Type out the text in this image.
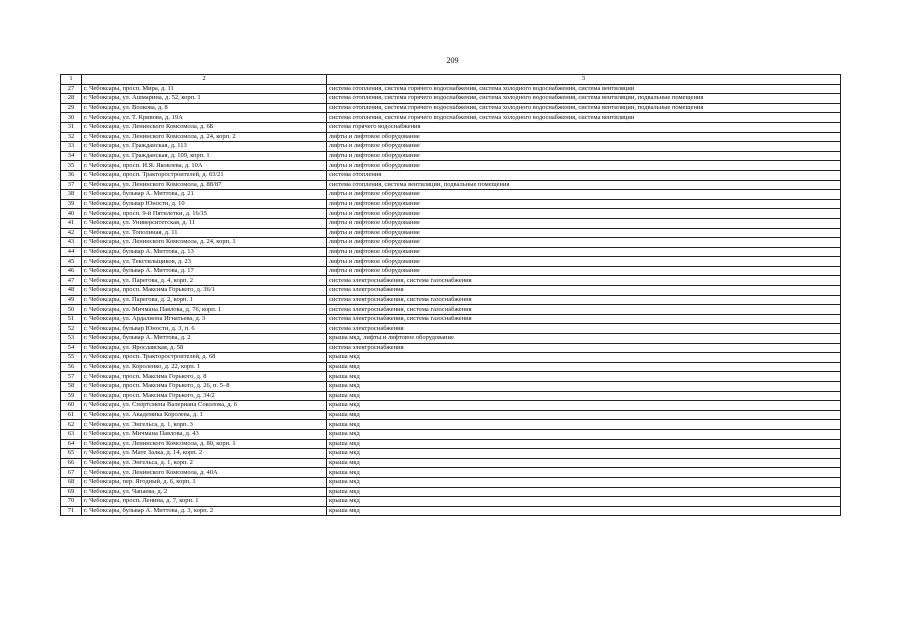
209
1	2	3
27	г. Чебоксары, просп. Мира, д. 11	система отопления, система горячего водоснабжения, система холодного водоснабжения, система вентиляции
28	г. Чебоксары, ул. Ашмарина, д. 52, корп. 1	система отопления, система горячего водоснабжения, система холодного водоснабжения, система вентиляции, подвальные помещения
29	г. Чебоксары, ул. Волкова, д. 8	система отопления, система горячего водоснабжения, система холодного водоснабжения, система вентиляции, подвальные помещения
30	г. Чебоксары, ул. Т. Кривова, д. 19А	система отопления, система горячего водоснабжения, система холодного водоснабжения, система вентиляции
31	г. Чебоксары, ул. Ленинского Комсомола, д. 6Б	система горячего водоснабжения
32	г. Чебоксары, ул. Ленинского Комсомола, д. 24, корп. 2	лифты и лифтовое оборудование
33	г. Чебоксары, ул. Гражданская, д. 113	лифты и лифтовое оборудование
34	г. Чебоксары, ул. Гражданская, д. 109, корп. 1	лифты и лифтовое оборудование
35	г. Чебоксары, просп. И.Я. Яковлева, д. 10А	лифты и лифтовое оборудование
36	г. Чебоксары, просп. Тракторостроителей, д. 63/21	система отопления
37	г. Чебоксары, ул. Ленинского Комсомола, д. 88/87	система отопления, система вентиляции, подвальные помещения
38	г. Чебоксары, бульвар А. Миттова, д. 21	лифты и лифтовое оборудование
39	г. Чебоксары, бульвар Юности, д. 10	лифты и лифтовое оборудование
40	г. Чебоксары, просп. 9-й Пятилетки, д. 16/15	лифты и лифтовое оборудование
41	г. Чебоксары, ул. Университетская, д. 11	лифты и лифтовое оборудование
42	г. Чебоксары, ул. Тополиная, д. 11	лифты и лифтовое оборудование
43	г. Чебоксары, ул. Ленинского Комсомола, д. 24, корп. 1	лифты и лифтовое оборудование
44	г. Чебоксары, бульвар А. Миттова, д. 13	лифты и лифтовое оборудование
45	г. Чебоксары, ул. Текстильщиков, д. 23	лифты и лифтовое оборудование
46	г. Чебоксары, бульвар А. Миттова, д. 17	лифты и лифтовое оборудование
47	г. Чебоксары, ул. Парегова, д. 4, корп. 2	система электроснабжения, система газоснабжения
48	г. Чебоксары, просп. Максима Горького, д. 36/1	система электроснабжения
49	г. Чебоксары, ул. Парегова, д. 2, корп. 1	система электроснабжения, система газоснабжения
50	г. Чебоксары, ул. Мичмана Павлова, д. 76, корп. 1	система электроснабжения, система газоснабжения
51	г. Чебоксары, ул. Ардалиона Игнатьева, д. 3	система электроснабжения, система газоснабжения
52	г. Чебоксары, бульвар Юности, д. 3, п. 6	система электроснабжения
53	г. Чебоксары, бульвар А. Миттова, д. 2	крыша мкд, лифты и лифтовое оборудование
54	г. Чебоксары, ул. Ярославская, д. 58	система электроснабжения
55	г. Чебоксары, просп. Тракторостроителей, д. 68	крыша мкд
56	г. Чебоксары, ул. Короленко, д. 22, корп. 1	крыша мкд
57	г. Чебоксары, просп. Максима Горького, д. 8	крыша мкд
58	г. Чебоксары, просп. Максима Горького, д. 26, п. 5–8	крыша мкд
59	г. Чебоксары, просп. Максима Горького, д. 34/2	крыша мкд
60	г. Чебоксары, ул. Спортсмена Валериана Соколова, д. 6	крыша мкд
61	г. Чебоксары, ул. Академика Королева, д. 1	крыша мкд
62	г. Чебоксары, ул. Энгельса, д. 1, корп. 3	крыша мкд
63	г. Чебоксары, ул. Мичмана Павлова, д. 43	крыша мкд
64	г. Чебоксары, ул. Ленинского Комсомола, д. 80, корп. 1	крыша мкд
65	г. Чебоксары, ул. Мате Залка, д. 14, корп. 2	крыша мкд
66	г. Чебоксары, ул. Энгельса, д. 1, корп. 2	крыша мкд
67	г. Чебоксары, ул. Ленинского Комсомола, д. 40А	крыша мкд
68	г. Чебоксары, пер. Ягодный, д. 6, корп. 1	крыша мкд
69	г. Чебоксары, ул. Чапаева, д. 2	крыша мкд
70	г. Чебоксары, просп. Ленина, д. 7, корп. 1	крыша мкд
71	г. Чебоксары, бульвар А. Миттова, д. 3, корп. 2	крыша мкд
